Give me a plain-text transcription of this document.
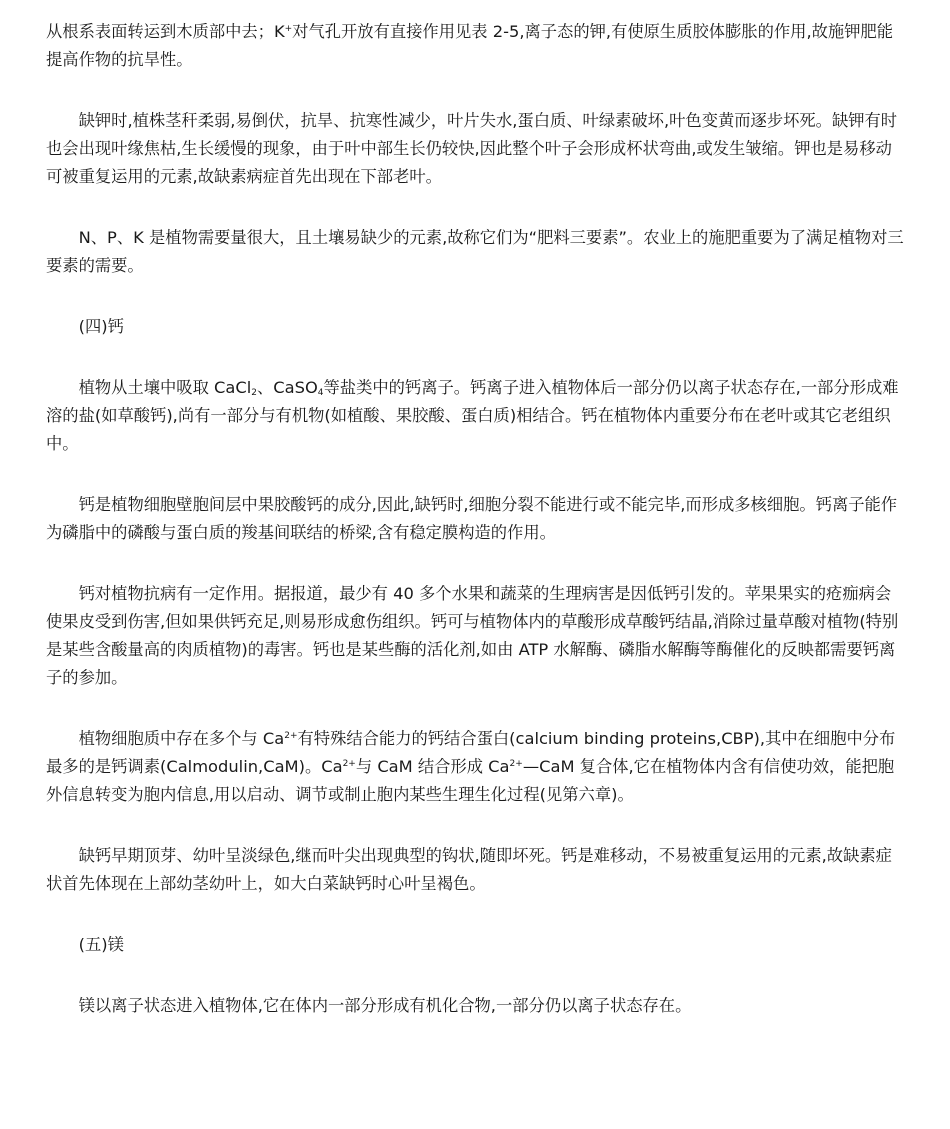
从根系表面转运到木质部中去；K+对气孔开放有直接作用见表 2-5,离子态的钾,有使原生质胶体膨胀的作用,故施钾肥能提高作物的抗旱性。

缺钾时,植株茎秆柔弱,易倒伏，抗旱、抗寒性减少，叶片失水,蛋白质、叶绿素破坏,叶色变黄而逐步坏死。缺钾有时也会出现叶缘焦枯,生长缓慢的现象，由于叶中部生长仍较快,因此整个叶子会形成杯状弯曲,或发生皱缩。钾也是易移动可被重复运用的元素,故缺素病症首先出现在下部老叶。

N、P、K 是植物需要量很大，且土壤易缺少的元素,故称它们为“肥料三要素”。农业上的施肥重要为了满足植物对三要素的需要。

(四)钙

植物从土壤中吸取 CaCl$_2$、CaSO$_4$等盐类中的钙离子。钙离子进入植物体后一部分仍以离子状态存在,一部分形成难溶的盐(如草酸钙),尚有一部分与有机物(如植酸、果胶酸、蛋白质)相结合。钙在植物体内重要分布在老叶或其它老组织中。

钙是植物细胞壁胞间层中果胶酸钙的成分,因此,缺钙时,细胞分裂不能进行或不能完毕,而形成多核细胞。钙离子能作为磷脂中的磷酸与蛋白质的羧基间联结的桥梁,含有稳定膜构造的作用。

钙对植物抗病有一定作用。据报道，最少有 40 多个水果和蔬菜的生理病害是因低钙引发的。苹果果实的疮痂病会使果皮受到伤害,但如果供钙充足,则易形成愈伤组织。钙可与植物体内的草酸形成草酸钙结晶,消除过量草酸对植物(特别是某些含酸量高的肉质植物)的毒害。钙也是某些酶的活化剂,如由 ATP 水解酶、磷脂水解酶等酶催化的反映都需要钙离子的参加。

植物细胞质中存在多个与 $Ca^{2+}$有特殊结合能力的钙结合蛋白(calcium binding proteins,CBP),其中在细胞中分布最多的是钙调素(Calmodulin,CaM)。$Ca^{2+}$与 CaM 结合形成 $Ca^{2+}—CaM$ 复合体,它在植物体内含有信使功效，能把胞外信息转变为胞内信息,用以启动、调节或制止胞内某些生理生化过程(见第六章)。

缺钙早期顶芽、幼叶呈淡绿色,继而叶尖出现典型的钩状,随即坏死。钙是难移动，不易被重复运用的元素,故缺素症状首先体现在上部幼茎幼叶上，如大白菜缺钙时心叶呈褐色。

(五)镁

镁以离子状态进入植物体,它在体内一部分形成有机化合物,一部分仍以离子状态存在。
